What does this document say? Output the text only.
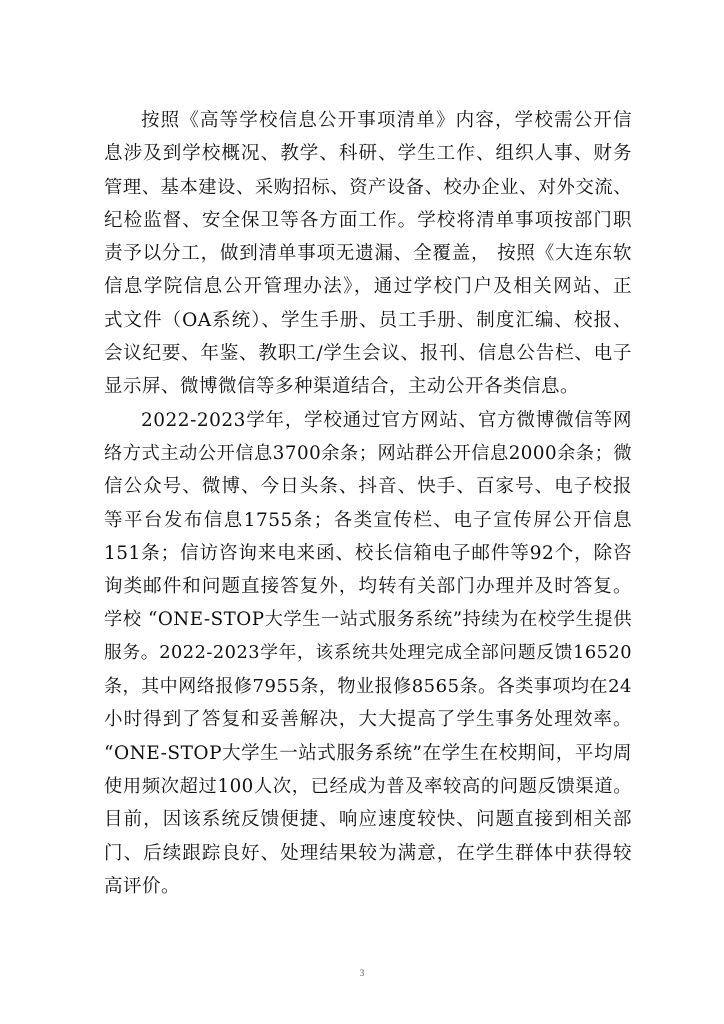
按照《高等学校信息公开事项清单》内容，学校需公开信
息涉及到学校概况、教学、科研、学生工作、组织人事、财务
管理、基本建设、采购招标、资产设备、校办企业、对外交流、
纪检监督、安全保卫等各方面工作。学校将清单事项按部门职
责予以分工，做到清单事项无遗漏、全覆盖， 按照《大连东软
信息学院信息公开管理办法》，通过学校门户及相关网站、正
式文件（OA系统）、学生手册、员工手册、制度汇编、校报、
会议纪要、年鉴、教职工/学生会议、报刊、信息公告栏、电子
显示屏、微博微信等多种渠道结合，主动公开各类信息。
2022-2023学年，学校通过官方网站、官方微博微信等网
络方式主动公开信息3700余条；网站群公开信息2000余条；微
信公众号、微博、今日头条、抖音、快手、百家号、电子校报
等平台发布信息1755条；各类宣传栏、电子宣传屏公开信息
151条；信访咨询来电来函、校长信箱电子邮件等92个，除咨
询类邮件和问题直接答复外，均转有关部门办理并及时答复。
学校 “ONE-STOP大学生一站式服务系统”持续为在校学生提供
服务。2022-2023学年，该系统共处理完成全部问题反馈16520
条，其中网络报修7955条，物业报修8565条。各类事项均在24
小时得到了答复和妥善解决，大大提高了学生事务处理效率。
“ONE-STOP大学生一站式服务系统”在学生在校期间，平均周
使用频次超过100人次，已经成为普及率较高的问题反馈渠道。
目前，因该系统反馈便捷、响应速度较快、问题直接到相关部
门、后续跟踪良好、处理结果较为满意，在学生群体中获得较
高评价。
3
